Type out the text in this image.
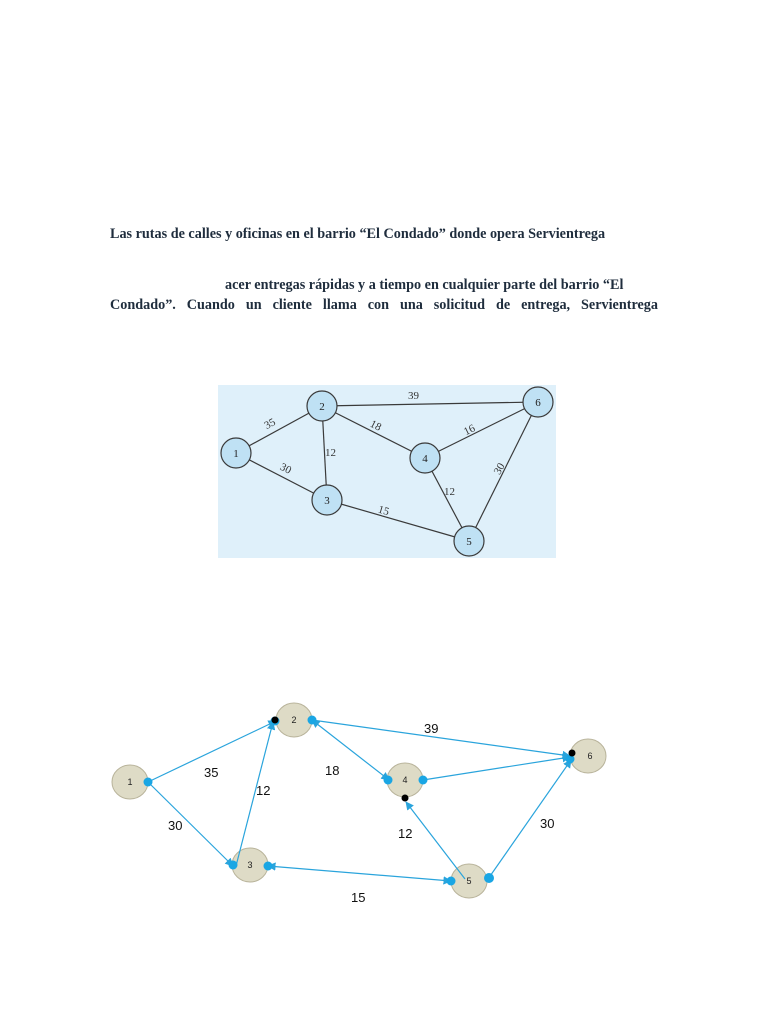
Las rutas de calles y oficinas en el barrio “El Condado” donde opera Servientrega
acer entregas rápidas y a tiempo en cualquier parte del barrio “El
Condado”. Cuando un cliente llama con una solicitud de entrega, Servientrega
35
30
12
18
39
15
16
12
30
1
2
3
4
5
6
1
2
3
4
5
6
35
30
12
18
39
12
30
15
